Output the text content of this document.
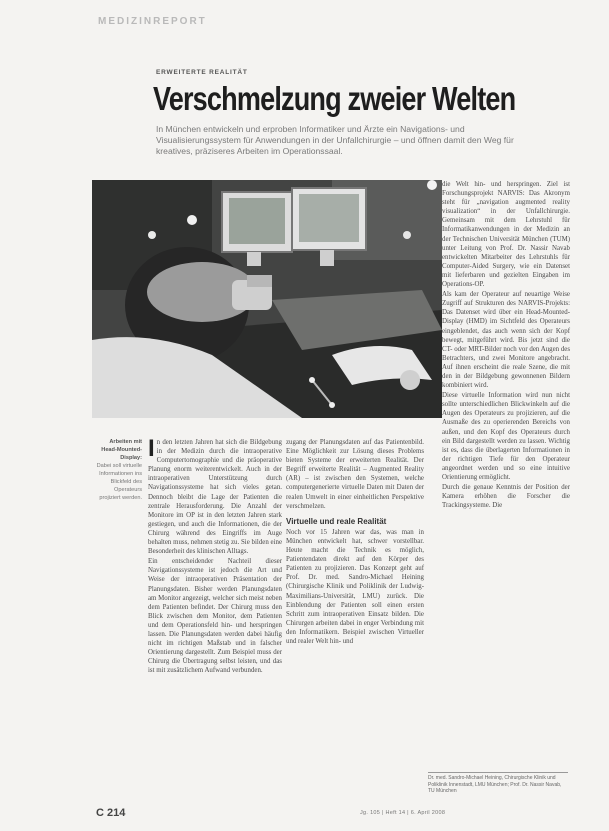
MEDIZINREPORT
ERWEITERTE REALITÄT
Verschmelzung zweier Welten
In München entwickeln und erproben Informatiker und Ärzte ein Navigations- und Visualisierungssystem für Anwendungen in der Unfallchirurgie – und öffnen damit den Weg für kreatives, präziseres Arbeiten im Operationssaal.

die Welt hin- und herspringen. Ziel ist Forschungsprojekt NARVIS: Das Akronym steht für „navigation augmented reality visualization“ in der Unfallchirurgie. Gemeinsam mit dem Lehrstuhl für Informatikanwendungen in der Medizin an der Technischen Universität München (TUM) unter Leitung von Prof. Dr. Nassir Navab entwickelten Mitarbeiter des Lehrstuhls für Computer-Aided Surgery, wie ein Datenset mit lieferbaren und gezielten Eingaben im Operations-OP.

Als kam der Operateur auf neuartige Weise Zugriff auf Strukturen des NARVIS-Projekts: Das Datenset wird über ein Head-Mounted-Display (HMD) im Sichtfeld des Operateurs eingeblendet, das auch wenn sich der Kopf bewegt, mitgeführt wird. Bis jetzt sind die CT- oder MRT-Bilder noch vor den Augen des Betrachters, und zwei Monitore angebracht. Auf ihnen erscheint die reale Szene, die mit den in der Bildgebung gewonnenen Bildern kombiniert wird.

Diese virtuelle Information wird nun nicht sollte unterschiedlichen Blickwinkeln auf die Augen des Operateurs zu projizieren, auf die Ausmaße des zu operierenden Bereichs von außen, und den Kopf des Operateurs durch ein Bild dargestellt werden zu lassen. Wichtig ist es, dass die überlagerten Informationen in der richtigen Tiefe für den Operateur angeordnet werden und so eine intuitive Orientierung ermöglicht.

Durch die genaue Kenntnis der Position der Kamera erhöhen die Forscher die Trackingsysteme. Die

Arbeiten mit Head-Mounted-Display:
Dabei soll virtuelle Informationen ins Blickfeld des Operateurs projiziert werden.

In den letzten Jahren hat sich die Bildgebung in der Medizin durch die intraoperative Computertomographie und die präoperative Planung enorm weiterentwickelt. Auch in der intraoperativen Unterstützung durch Navigationssysteme hat sich vieles getan. Dennoch bleibt die Lage der Patienten die zentrale Herausforderung. Die Anzahl der Monitore im OP ist in den letzten Jahren stark gestiegen, und auch die Informationen, die der Chirurg während des Eingriffs im Auge behalten muss, nehmen stetig zu. Sie bilden eine Besonderheit des klinischen Alltags.

Ein entscheidender Nachteil dieser Navigationssysteme ist jedoch die Art und Weise der intraoperativen Präsentation der Planungsdaten. Bisher werden Planungsdaten am Monitor angezeigt, welcher sich meist neben dem Patienten befindet. Der Chirurg muss den Blick zwischen dem Monitor, dem Patienten und dem Operationsfeld hin- und herspringen lassen. Die Planungsdaten werden dabei häufig nicht im richtigen Maßstab und in falscher Orientierung dargestellt. Zum Beispiel muss der Chirurg die Übertragung selbst leisten, und das ist mit zusätzlichem Aufwand verbunden.

zugang der Planungsdaten auf das Patientenbild. Eine Möglichkeit zur Lösung dieses Problems bieten Systeme der erweiterten Realität. Der Begriff erweiterte Realität – Augmented Reality (AR) – ist zwischen den Systemen, welche computergenerierte virtuelle Daten mit Daten der realen Umwelt in einer einheitlichen Perspektive verschmelzen.

Virtuelle und reale Realität

Noch vor 15 Jahren war das, was man in München entwickelt hat, schwer vorstellbar. Heute macht die Technik es möglich, Patientendaten direkt auf den Körper des Patienten zu projizieren. Das Konzept geht auf Prof. Dr. med. Sandro-Michael Heining (Chirurgische Klinik und Poliklinik der Ludwig-Maximilians-Universität, LMU) zurück. Die Einblendung der Patienten soll einen ersten Schritt zum intraoperativen Einsatz bilden. Die Chirurgen arbeiten dabei in enger Verbindung mit den Informatikern. Beispiel zwischen Virtueller und realer Welt hin- und

Dr. med. Sandro-Michael Heining, Chirurgische Klinik und Poliklinik Innenstadt, LMU München; Prof. Dr. Nassir Navab, TU München
C 214	Jg. 105 | Heft 14 | 6. April 2008
